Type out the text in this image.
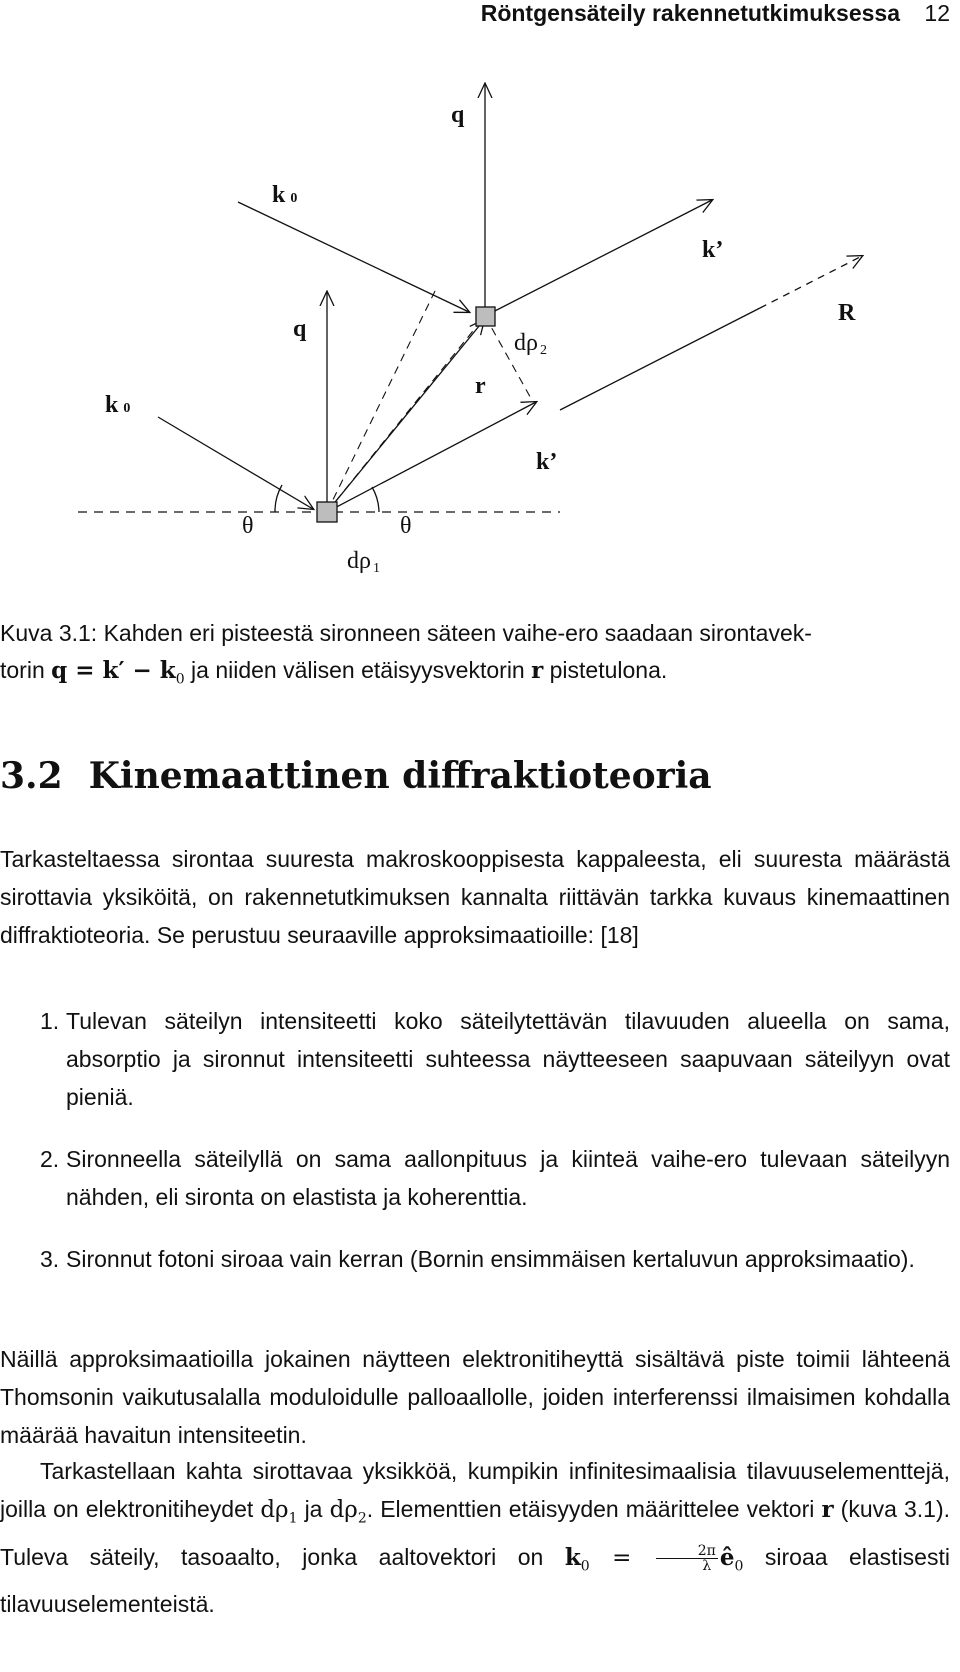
Röntgensäteily rakennetutkimuksessa 12
q
k 0
k’
R
q
dρ 2
k 0
r
k’
θ	θ
dρ 1
Kuva 3.1: Kahden eri pisteestä sironneen säteen vaihe-ero saadaan sirontavek-
torin $q = k' - k_0$ ja niiden välisen etäisyysvektorin r pistetulona.
3.2 Kinemaattinen diffraktioteoria
Tarkasteltaessa sirontaa suuresta makroskooppisesta kappaleesta, eli suuresta määrästä sirottavia yksiköitä, on rakennetutkimuksen kannalta riittävän tarkka kuvaus kinemaattinen diffraktioteoria. Se perustuu seuraaville approksimaatioille: [18]
1. Tulevan säteilyn intensiteetti koko säteilytettävän tilavuuden alueella on sama, absorptio ja sironnut intensiteetti suhteessa näytteeseen saapuvaan säteilyyn ovat pieniä.
2. Sironneella säteilyllä on sama aallonpituus ja kiinteä vaihe-ero tulevaan säteilyyn nähden, eli sironta on elastista ja koherenttia.
3. Sironnut fotoni siroaa vain kerran (Bornin ensimmäisen kertaluvun approksimaatio).
Näillä approksimaatioilla jokainen näytteen elektronitiheyttä sisältävä piste toimii lähteenä Thomsonin vaikutusalalla moduloidulle palloaallolle, joiden interferenssi ilmaisimen kohdalla määrää havaitun intensiteetin.
Tarkastellaan kahta sirottavaa yksikköä, kumpikin infinitesimaalisia tilavuuselementtejä, joilla on elektronitiheydet $d\rho_1$ ja $d\rho_2$. Elementtien etäisyyden määrittelee vektori r (kuva 3.1). Tuleva säteily, tasoaalto, jonka aaltovektori on $k_0 = \frac{2\pi}{\lambda}$ $ê_0$ siroaa elastisesti tilavuuselementeistä.
